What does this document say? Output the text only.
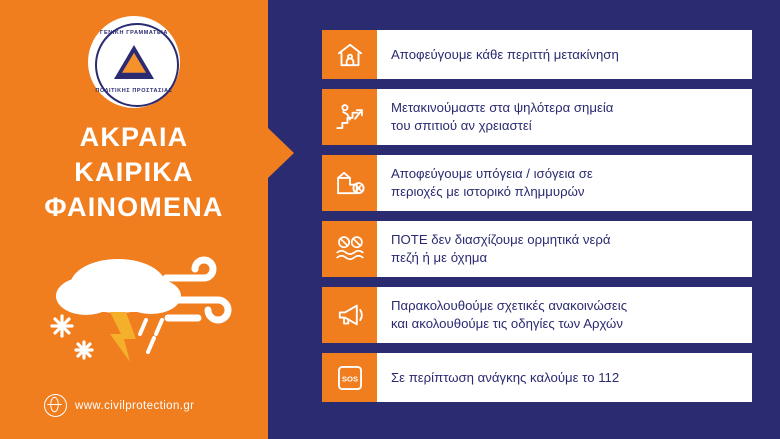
ΓΕΝΙΚΗ ΓΡΑΜΜΑΤΕΙΑ
ΠΟΛΙΤΙΚΗΣ ΠΡΟΣΤΑΣΙΑΣ
ΑΚΡΑΙΑ
ΚΑΙΡΙΚΑ
ΦΑΙΝΟΜΕΝΑ
www.civilprotection.gr
Αποφεύγουμε κάθε περιττή μετακίνηση
Μετακινούμαστε στα ψηλότερα σημεία
του σπιτιού αν χρειαστεί
Αποφεύγουμε υπόγεια / ισόγεια σε
περιοχές με ιστορικό πλημμυρών
ΠΟΤΕ δεν διασχίζουμε ορμητικά νερά
πεζή ή με όχημα
Παρακολουθούμε σχετικές ανακοινώσεις
και ακολουθούμε τις οδηγίες των Αρχών
SOS	Σε περίπτωση ανάγκης καλούμε το 112
